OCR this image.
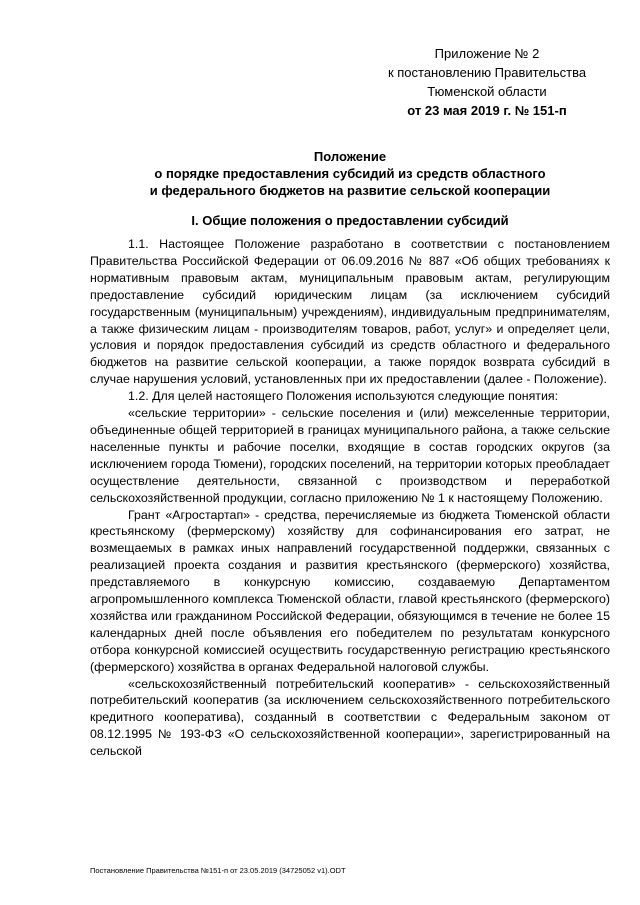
Приложение № 2
к постановлению Правительства
Тюменской области
от 23 мая 2019 г. № 151-п
Положение
о порядке предоставления субсидий из средств областного
и федерального бюджетов на развитие сельской кооперации
I. Общие положения о предоставлении субсидий

1.1. Настоящее Положение разработано в соответствии с постановлением Правительства Российской Федерации от 06.09.2016 № 887 «Об общих требованиях к нормативным правовым актам, муниципальным правовым актам, регулирующим предоставление субсидий юридическим лицам (за исключением субсидий государственным (муниципальным) учреждениям), индивидуальным предпринимателям, а также физическим лицам - производителям товаров, работ, услуг» и определяет цели, условия и порядок предоставления субсидий из средств областного и федерального бюджетов на развитие сельской кооперации, а также порядок возврата субсидий в случае нарушения условий, установленных при их предоставлении (далее - Положение).

1.2. Для целей настоящего Положения используются следующие понятия:

«сельские территории» - сельские поселения и (или) межселенные территории, объединенные общей территорией в границах муниципального района, а также сельские населенные пункты и рабочие поселки, входящие в состав городских округов (за исключением города Тюмени), городских поселений, на территории которых преобладает осуществление деятельности, связанной с производством и переработкой сельскохозяйственной продукции, согласно приложению № 1 к настоящему Положению.

Грант «Агростартап» - средства, перечисляемые из бюджета Тюменской области крестьянскому (фермерскому) хозяйству для софинансирования его затрат, не возмещаемых в рамках иных направлений государственной поддержки, связанных с реализацией проекта создания и развития крестьянского (фермерского) хозяйства, представляемого в конкурсную комиссию, создаваемую Департаментом агропромышленного комплекса Тюменской области, главой крестьянского (фермерского) хозяйства или гражданином Российской Федерации, обязующимся в течение не более 15 календарных дней после объявления его победителем по результатам конкурсного отбора конкурсной комиссией осуществить государственную регистрацию крестьянского (фермерского) хозяйства в органах Федеральной налоговой службы.

«сельскохозяйственный потребительский кооператив» - сельскохозяйственный потребительский кооператив (за исключением сельскохозяйственного потребительского кредитного кооператива), созданный в соответствии с Федеральным законом от 08.12.1995 № 193-ФЗ «О сельскохозяйственной кооперации», зарегистрированный на сельской

Постановление Правительства №151-п от 23.05.2019 (34725052 v1).ODT
